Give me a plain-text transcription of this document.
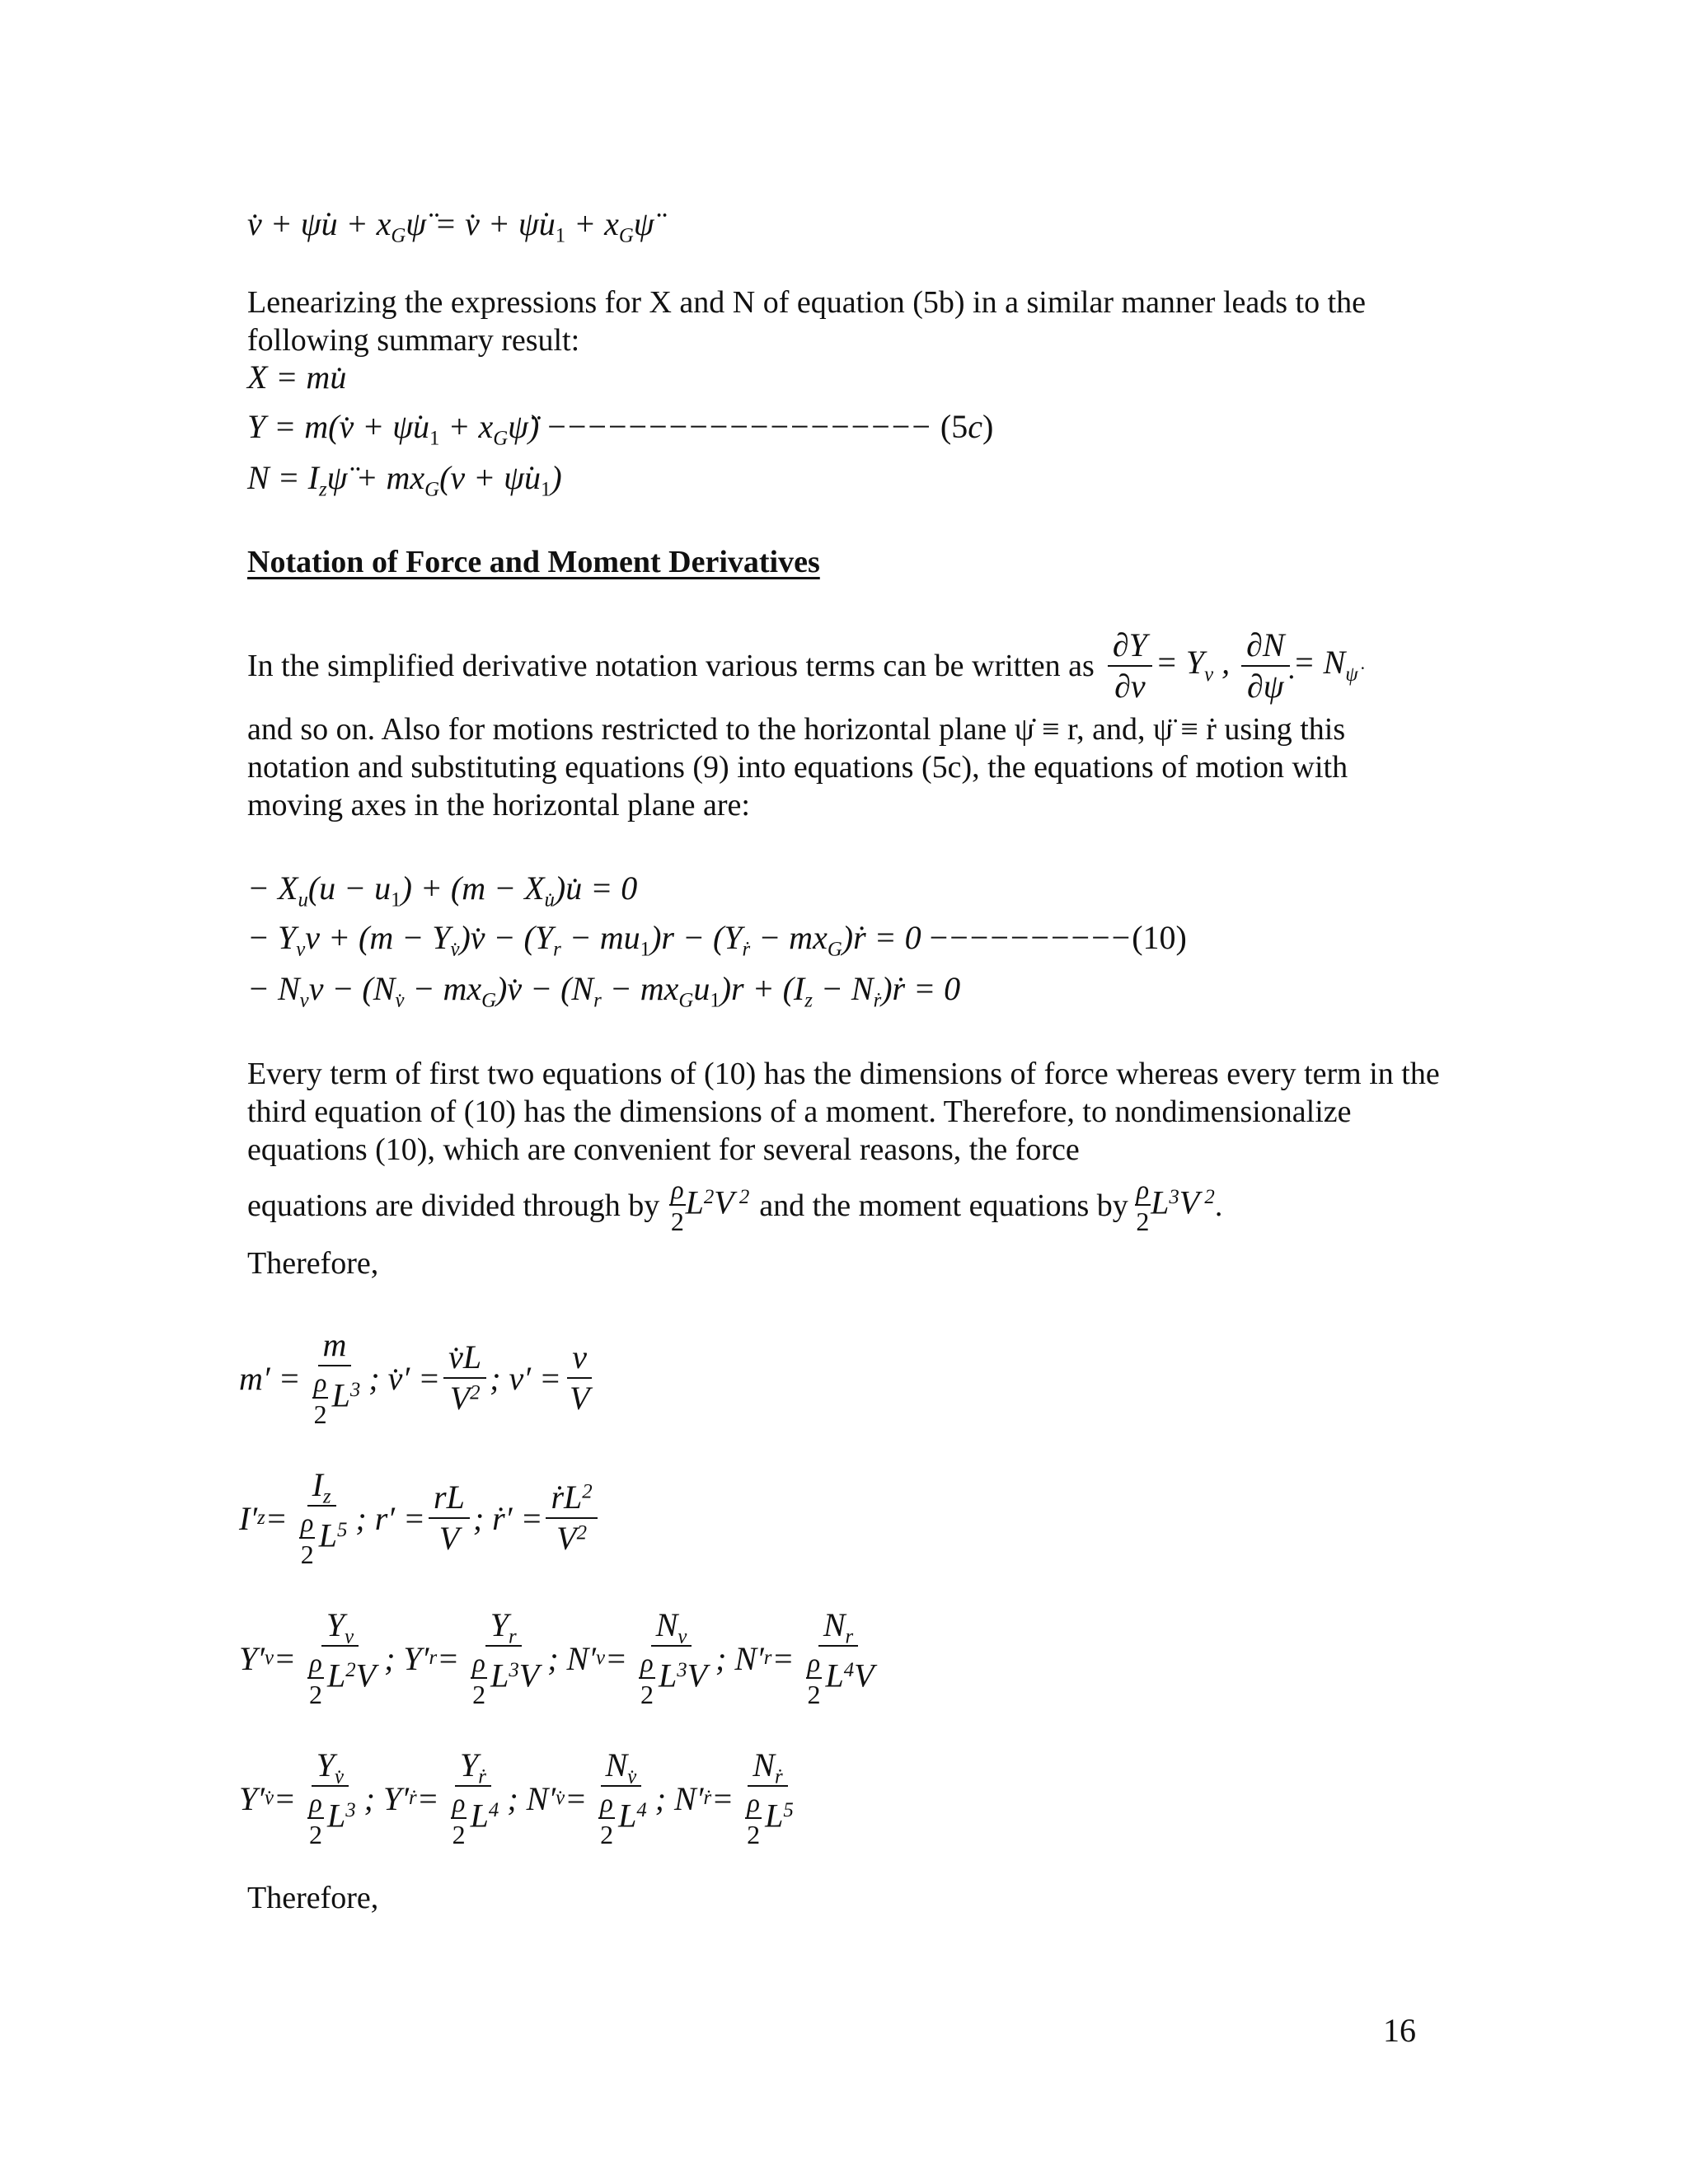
v̇ + ψ̇u + $x_G\psï$ = v̇ + $\psi̇u_1$ + $x_G\psï$
Lenearizing the expressions for X and N of equation (5b) in a similar manner leads to the following summary result:
X = mu̇
Y = m(v̇ + $\psi̇u_1$ + $x_G\psï$) −−−−−−−−−−−−−−−−−−− (5c)
$N = I_z\psï + mx_G(v$ + $\psi̇u_1$)
Notation of Force and Moment Derivatives
In the simplified derivative notation various terms can be written as $\frac{\partial Y}{\partial v} = Y_v$ , $\frac{\partial N}{\partial\psi̇} = N_{\psi̇}$
and so on. Also for motions restricted to the horizontal plane ψ̇ ≡ r, and, ψ̈ ≡ ṙ using this notation and substituting equations (9) into equations (5c), the equations of motion with moving axes in the horizontal plane are:
− $X_u(u - u_1) + (m$ − $X_{u̇})u̇ = 0$
− $Y_vv + (m$ − $Y_{v̇})v̇ - (Y_r - mu_1)r - (Y_ṙ$ − $mx_G)ṙ = 0 ----------(10)$
− $N_vv - (N_{v̇}$ − $mx_G)v̇ - (N_r - mx_Gu_1)r + (I_z$ − $N_ṙ)ṙ = 0$
Every term of first two equations of (10) has the dimensions of force whereas every term in the third equation of (10) has the dimensions of a moment. Therefore, to nondimensionalize equations (10), which are convenient for several reasons, the force
equations are divided through by $\frac{\rho}{2} L^2V$ $^2$ and the moment equations by $\frac{\rho}{2} L^3V$ $^2$ .
Therefore,
$m' = \frac{m}{\frac{\rho}{2} L^3}$ ; v̇′ = $\frac{v̇L}{V^2}$ ; $v' = \frac{v}{V}$
I′ $z = \frac{I_z}{\frac{\rho}{2} L^5}$ ; $r' = \frac{rL}{V}$ ; ṙ′ = $\frac{ṙL^2}{V^2}$
Y′ $v = \frac{Y_v}{\frac{\rho}{2} L^2V}$ ; Y′ $r = \frac{Y_r}{\frac{\rho}{2} L^3V}$ ; N′ $v = \frac{N_v}{\frac{\rho}{2} L^3V}$ ; N′ $r = \frac{N_r}{\frac{\rho}{2} L^4V}$
Y′ v̇ = $\frac{Y_{v̇}}{\frac{\rho}{2} L^3}$ ; Y′ ṙ = $\frac{Y_ṙ}{\frac{\rho}{2} L^4}$ ; N′ v̇ = $\frac{N_{v̇}}{\frac{\rho}{2} L^4}$ ; N′ ṙ = $\frac{N_ṙ}{\frac{\rho}{2} L^5}$
Therefore,
16
